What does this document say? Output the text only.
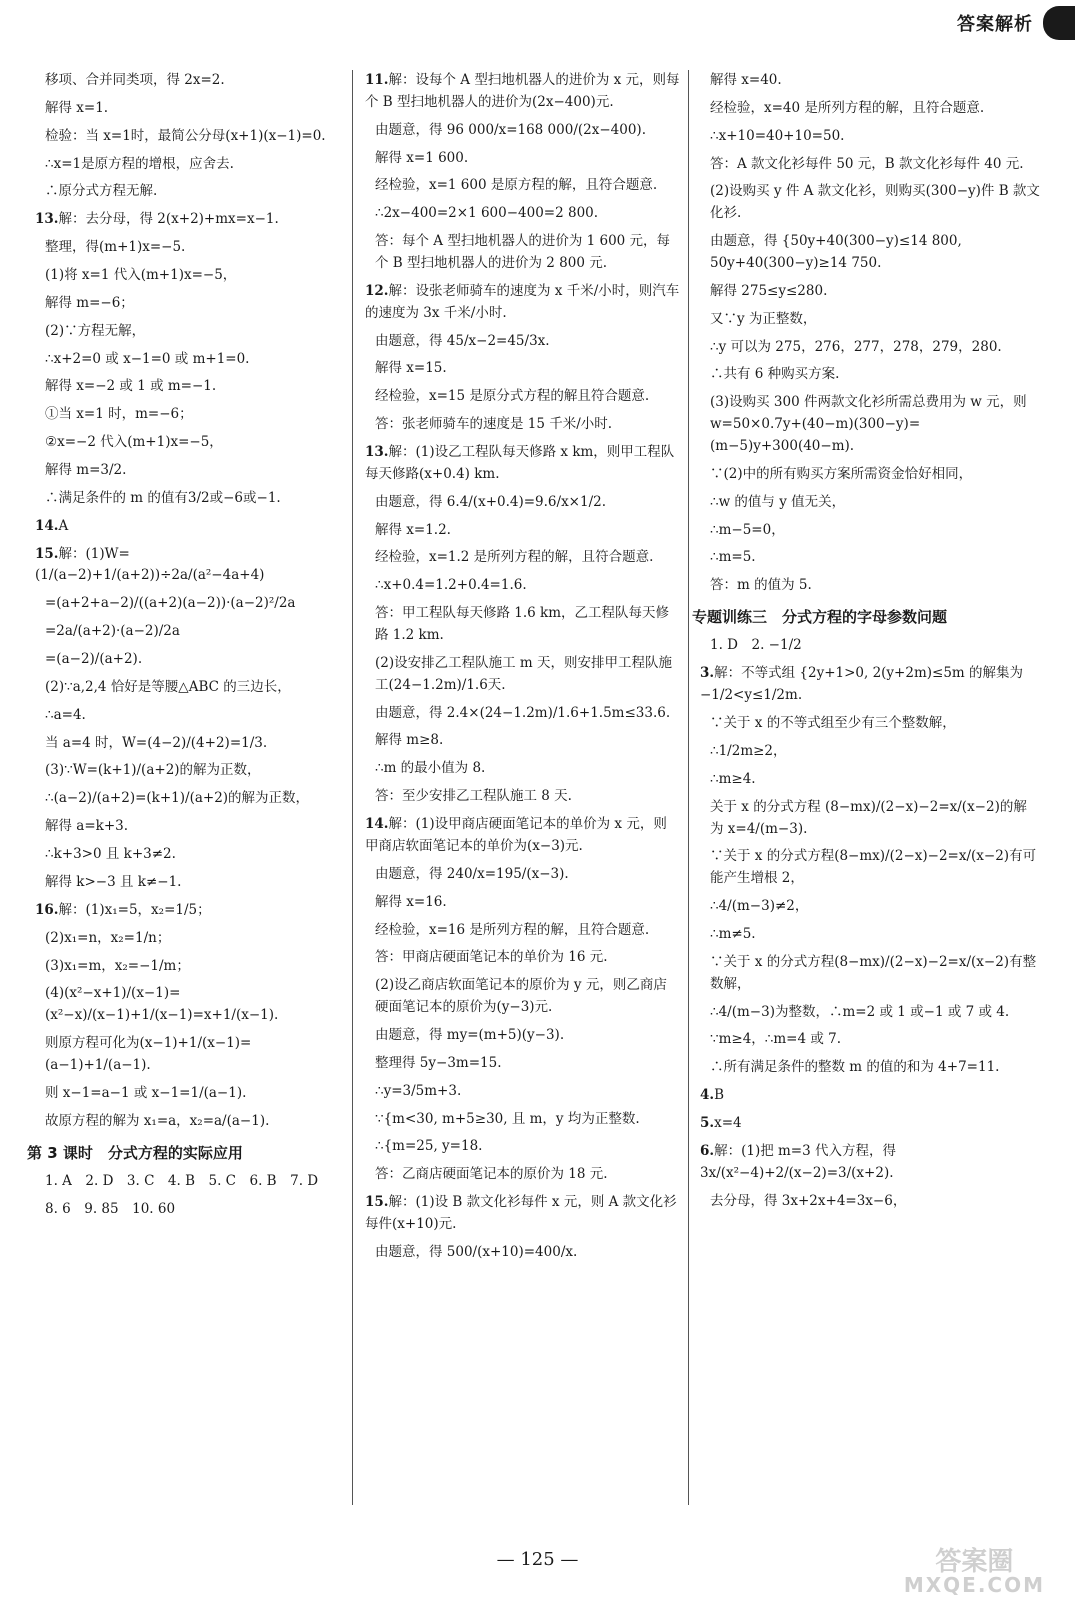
答案解析
移项、合并同类项，得 2x=2.
解得 x=1.
检验：当 x=1时，最简公分母(x+1)(x−1)=0.
∴x=1是原方程的增根，应舍去.
∴原分式方程无解.
13.解：去分母，得 2(x+2)+mx=x−1.
整理，得(m+1)x=−5.
(1)将 x=1 代入(m+1)x=−5，
解得 m=−6；
(2)∵方程无解，
∴x+2=0 或 x−1=0 或 m+1=0.
解得 x=−2 或 1 或 m=−1.
①当 x=1 时，m=−6；
②x=−2 代入(m+1)x=−5，
解得 m=3/2.
∴满足条件的 m 的值有3/2或−6或−1.
14.A
15.解：(1)W=(1/(a−2)+1/(a+2))÷2a/(a²−4a+4)
=(a+2+a−2)/((a+2)(a−2))·(a−2)²/2a
=2a/(a+2)·(a−2)/2a
=(a−2)/(a+2).
(2)∵a,2,4 恰好是等腰△ABC 的三边长，
∴a=4.
当 a=4 时，W=(4−2)/(4+2)=1/3.
(3)∵W=(k+1)/(a+2)的解为正数，
∴(a−2)/(a+2)=(k+1)/(a+2)的解为正数，
解得 a=k+3.
∴k+3>0 且 k+3≠2.
解得 k>−3 且 k≠−1.
16.解：(1)x₁=5，x₂=1/5；
(2)x₁=n，x₂=1/n；
(3)x₁=m，x₂=−1/m；
(4)(x²−x+1)/(x−1)=(x²−x)/(x−1)+1/(x−1)=x+1/(x−1).
则原方程可化为(x−1)+1/(x−1)=(a−1)+1/(a−1).
则 x−1=a−1 或 x−1=1/(a−1).
故原方程的解为 x₁=a，x₂=a/(a−1).
第 3 课时　分式方程的实际应用
1. A　2. D　3. C　4. B　5. C　6. B　7. D
8. 6　9. 85　10. 60
11.解：设每个 A 型扫地机器人的进价为 x 元，则每个 B 型扫地机器人的进价为(2x−400)元.
由题意，得 96 000/x=168 000/(2x−400).
解得 x=1 600.
经检验，x=1 600 是原方程的解，且符合题意.
∴2x−400=2×1 600−400=2 800.
答：每个 A 型扫地机器人的进价为 1 600 元，每个 B 型扫地机器人的进价为 2 800 元.
12.解：设张老师骑车的速度为 x 千米/小时，则汽车的速度为 3x 千米/小时.
由题意，得 45/x−2=45/3x.
解得 x=15.
经检验，x=15 是原分式方程的解且符合题意.
答：张老师骑车的速度是 15 千米/小时.
13.解：(1)设乙工程队每天修路 x km，则甲工程队每天修路(x+0.4) km.
由题意，得 6.4/(x+0.4)=9.6/x×1/2.
解得 x=1.2.
经检验，x=1.2 是所列方程的解，且符合题意.
∴x+0.4=1.2+0.4=1.6.
答：甲工程队每天修路 1.6 km，乙工程队每天修路 1.2 km.
(2)设安排乙工程队施工 m 天，则安排甲工程队施工(24−1.2m)/1.6天.
由题意，得 2.4×(24−1.2m)/1.6+1.5m≤33.6.
解得 m≥8.
∴m 的最小值为 8.
答：至少安排乙工程队施工 8 天.
14.解：(1)设甲商店硬面笔记本的单价为 x 元，则甲商店软面笔记本的单价为(x−3)元.
由题意，得 240/x=195/(x−3).
解得 x=16.
经检验，x=16 是所列方程的解，且符合题意.
答：甲商店硬面笔记本的单价为 16 元.
(2)设乙商店软面笔记本的原价为 y 元，则乙商店硬面笔记本的原价为(y−3)元.
由题意，得 my=(m+5)(y−3).
整理得 5y−3m=15.
∴y=3/5m+3.
∵{m<30, m+5≥30, 且 m，y 均为正整数.
∴{m=25, y=18.
答：乙商店硬面笔记本的原价为 18 元.
15.解：(1)设 B 款文化衫每件 x 元，则 A 款文化衫每件(x+10)元.
由题意，得 500/(x+10)=400/x.
解得 x=40.
经检验，x=40 是所列方程的解，且符合题意.
∴x+10=40+10=50.
答：A 款文化衫每件 50 元，B 款文化衫每件 40 元.
(2)设购买 y 件 A 款文化衫，则购买(300−y)件 B 款文化衫.
由题意，得 {50y+40(300−y)≤14 800, 50y+40(300−y)≥14 750.
解得 275≤y≤280.
又∵y 为正整数，
∴y 可以为 275，276，277，278，279，280.
∴共有 6 种购买方案.
(3)设购买 300 件两款文化衫所需总费用为 w 元，则 w=50×0.7y+(40−m)(300−y)=(m−5)y+300(40−m).
∵(2)中的所有购买方案所需资金恰好相同，
∴w 的值与 y 值无关，
∴m−5=0，
∴m=5.
答：m 的值为 5.
专题训练三　分式方程的字母参数问题
1. D　2. −1/2
3.解：不等式组 {2y+1>0, 2(y+2m)≤5m 的解集为 −1/2<y≤1/2m.
∵关于 x 的不等式组至少有三个整数解，
∴1/2m≥2，
∴m≥4.
关于 x 的分式方程 (8−mx)/(2−x)−2=x/(x−2)的解为 x=4/(m−3).
∵关于 x 的分式方程(8−mx)/(2−x)−2=x/(x−2)有可能产生增根 2，
∴4/(m−3)≠2，
∴m≠5.
∵关于 x 的分式方程(8−mx)/(2−x)−2=x/(x−2)有整数解，
∴4/(m−3)为整数，∴m=2 或 1 或−1 或 7 或 4.
∵m≥4，∴m=4 或 7.
∴所有满足条件的整数 m 的值的和为 4+7=11.
4.B
5.x=4
6.解：(1)把 m=3 代入方程，得 3x/(x²−4)+2/(x−2)=3/(x+2).
去分母，得 3x+2x+4=3x−6，
— 125 —	答案圈
MXQE.COM
